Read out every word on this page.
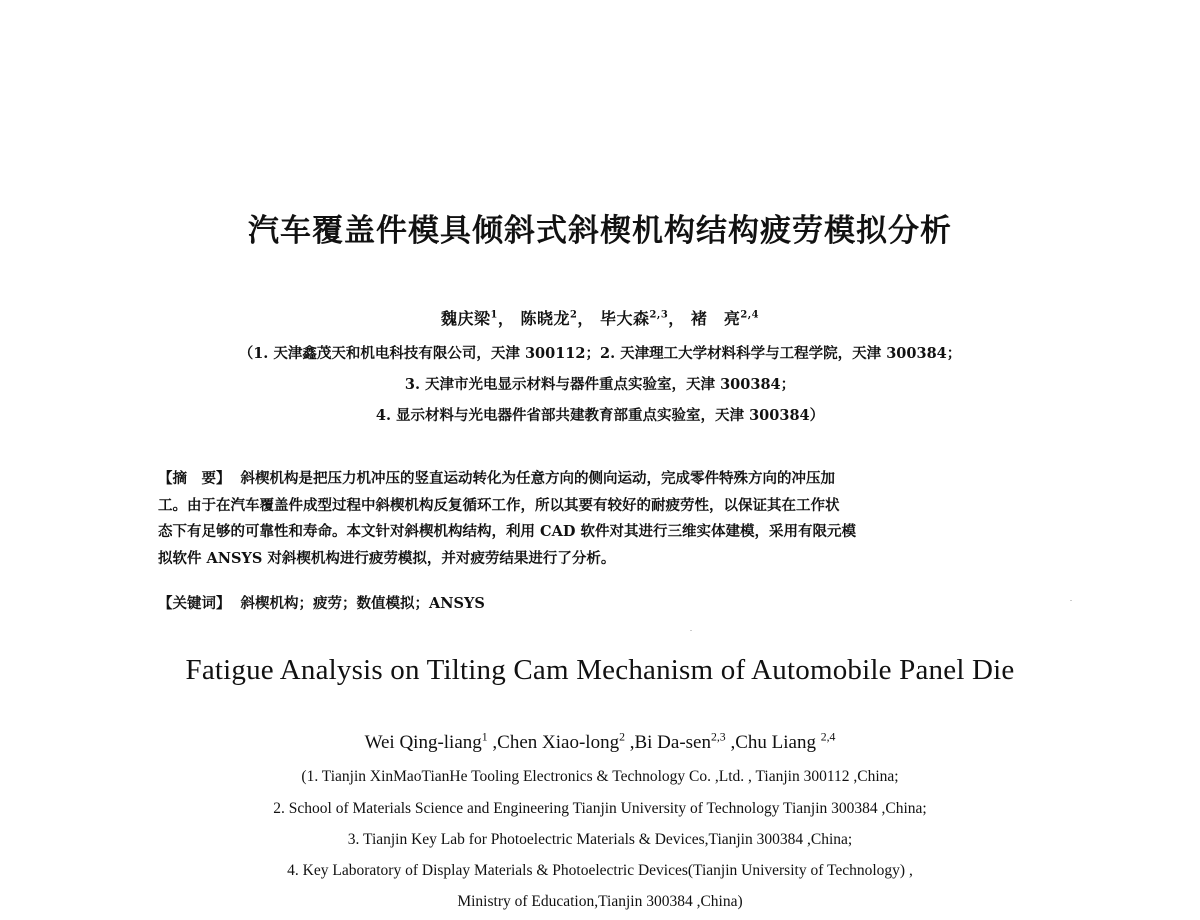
汽车覆盖件模具倾斜式斜楔机构结构疲劳模拟分析
魏庆梁$^1$， 陈晓龙$^2$， 毕大森$^{2,3}$， 褚　亮$^{2,4}$
（1. 天津鑫茂天和机电科技有限公司，天津 300112；2. 天津理工大学材料科学与工程学院，天津 300384；
3. 天津市光电显示材料与器件重点实验室，天津 300384；
4. 显示材料与光电器件省部共建教育部重点实验室，天津 300384）
【摘　要】 斜楔机构是把压力机冲压的竖直运动转化为任意方向的侧向运动，完成零件特殊方向的冲压加
工。由于在汽车覆盖件成型过程中斜楔机构反复循环工作，所以其要有较好的耐疲劳性，以保证其在工作状
态下有足够的可靠性和寿命。本文针对斜楔机构结构，利用 CAD 软件对其进行三维实体建模，采用有限元模
拟软件 ANSYS 对斜楔机构进行疲劳模拟，并对疲劳结果进行了分析。
【关键词】 斜楔机构；疲劳；数值模拟；ANSYS
Fatigue Analysis on Tilting Cam Mechanism of Automobile Panel Die
Wei Qing-liang$^1$ ,Chen Xiao-long$^2$ ,Bi Da-sen$^{2,3}$ ,Chu Liang $^{2,4}$
(1. Tianjin XinMaoTianHe Tooling Electronics & Technology Co. ,Ltd. , Tianjin 300112 ,China;
2. School of Materials Science and Engineering Tianjin University of Technology Tianjin 300384 ,China;
3. Tianjin Key Lab for Photoelectric Materials & Devices,Tianjin 300384 ,China;
4. Key Laboratory of Display Materials & Photoelectric Devices(Tianjin University of Technology) ,
Ministry of Education,Tianjin 300384 ,China)
